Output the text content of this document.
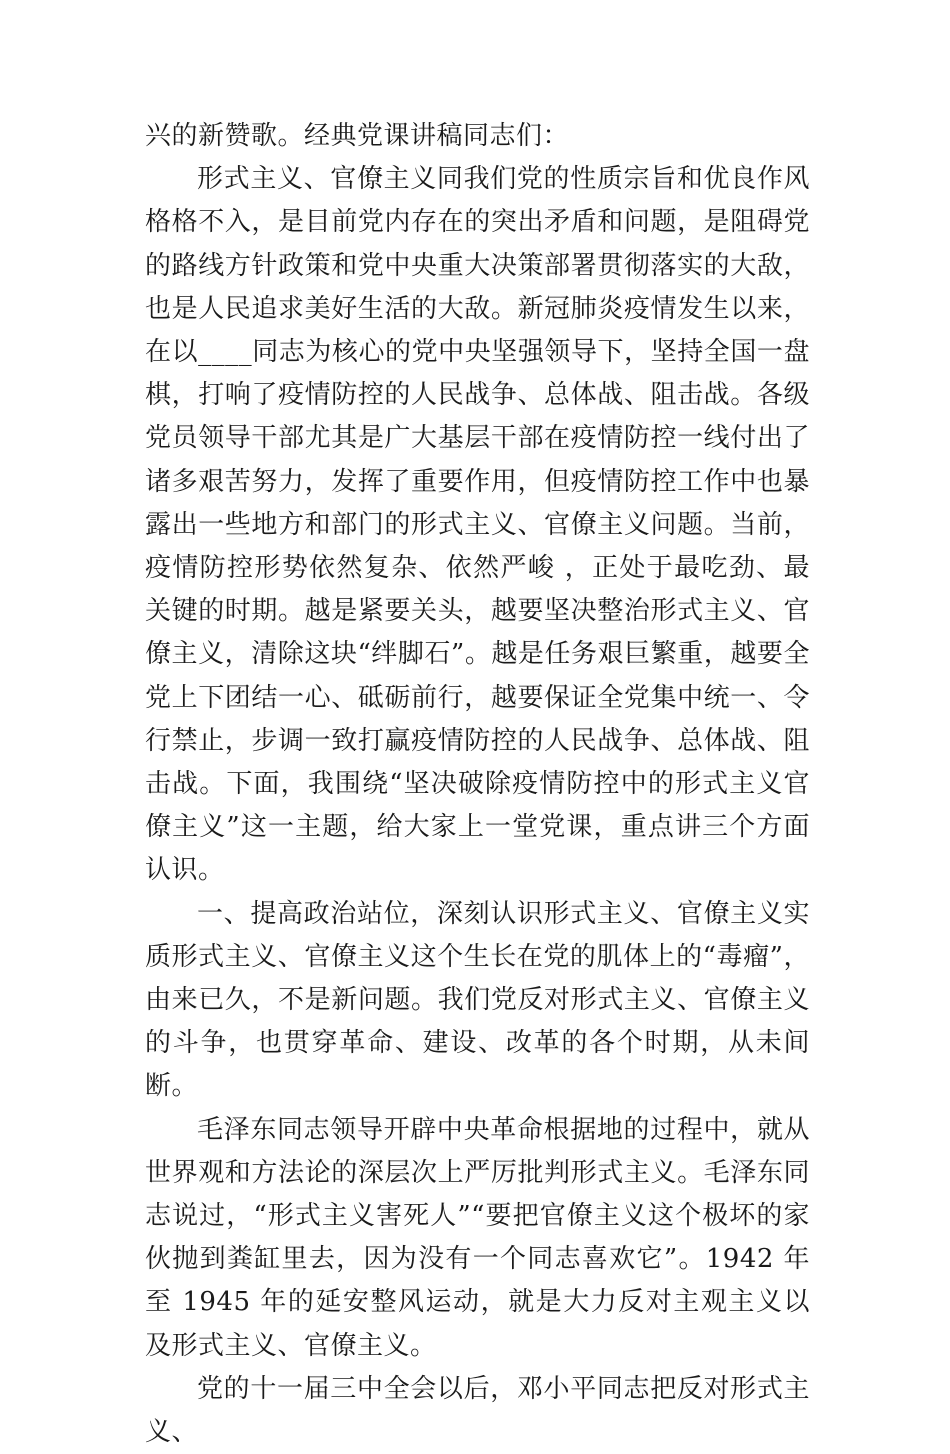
兴的新赞歌。经典党课讲稿同志们：

形式主义、官僚主义同我们党的性质宗旨和优良作风格格不入，是目前党内存在的突出矛盾和问题，是阻碍党的路线方针政策和党中央重大决策部署贯彻落实的大敌，也是人民追求美好生活的大敌。新冠肺炎疫情发生以来，在以____同志为核心的党中央坚强领导下，坚持全国一盘棋，打响了疫情防控的人民战争、总体战、阻击战。各级党员领导干部尤其是广大基层干部在疫情防控一线付出了诸多艰苦努力，发挥了重要作用，但疫情防控工作中也暴露出一些地方和部门的形式主义、官僚主义问题。当前，疫情防控形势依然复杂、依然严峻 ，正处于最吃劲、最关键的时期。越是紧要关头，越要坚决整治形式主义、官僚主义，清除这块“绊脚石”。越是任务艰巨繁重，越要全党上下团结一心、砥砺前行，越要保证全党集中统一、令行禁止，步调一致打赢疫情防控的人民战争、总体战、阻击战。下面，我围绕“坚决破除疫情防控中的形式主义官僚主义”这一主题，给大家上一堂党课，重点讲三个方面认识。

一、提高政治站位，深刻认识形式主义、官僚主义实质形式主义、官僚主义这个生长在党的肌体上的“毒瘤”，由来已久，不是新问题。我们党反对形式主义、官僚主义的斗争，也贯穿革命、建设、改革的各个时期，从未间断。

毛泽东同志领导开辟中央革命根据地的过程中，就从世界观和方法论的深层次上严厉批判形式主义。毛泽东同志说过，“形式主义害死人”“要把官僚主义这个极坏的家伙抛到粪缸里去，因为没有一个同志喜欢它”。1942 年至 1945 年的延安整风运动，就是大力反对主观主义以及形式主义、官僚主义。

党的十一届三中全会以后，邓小平同志把反对形式主义、
